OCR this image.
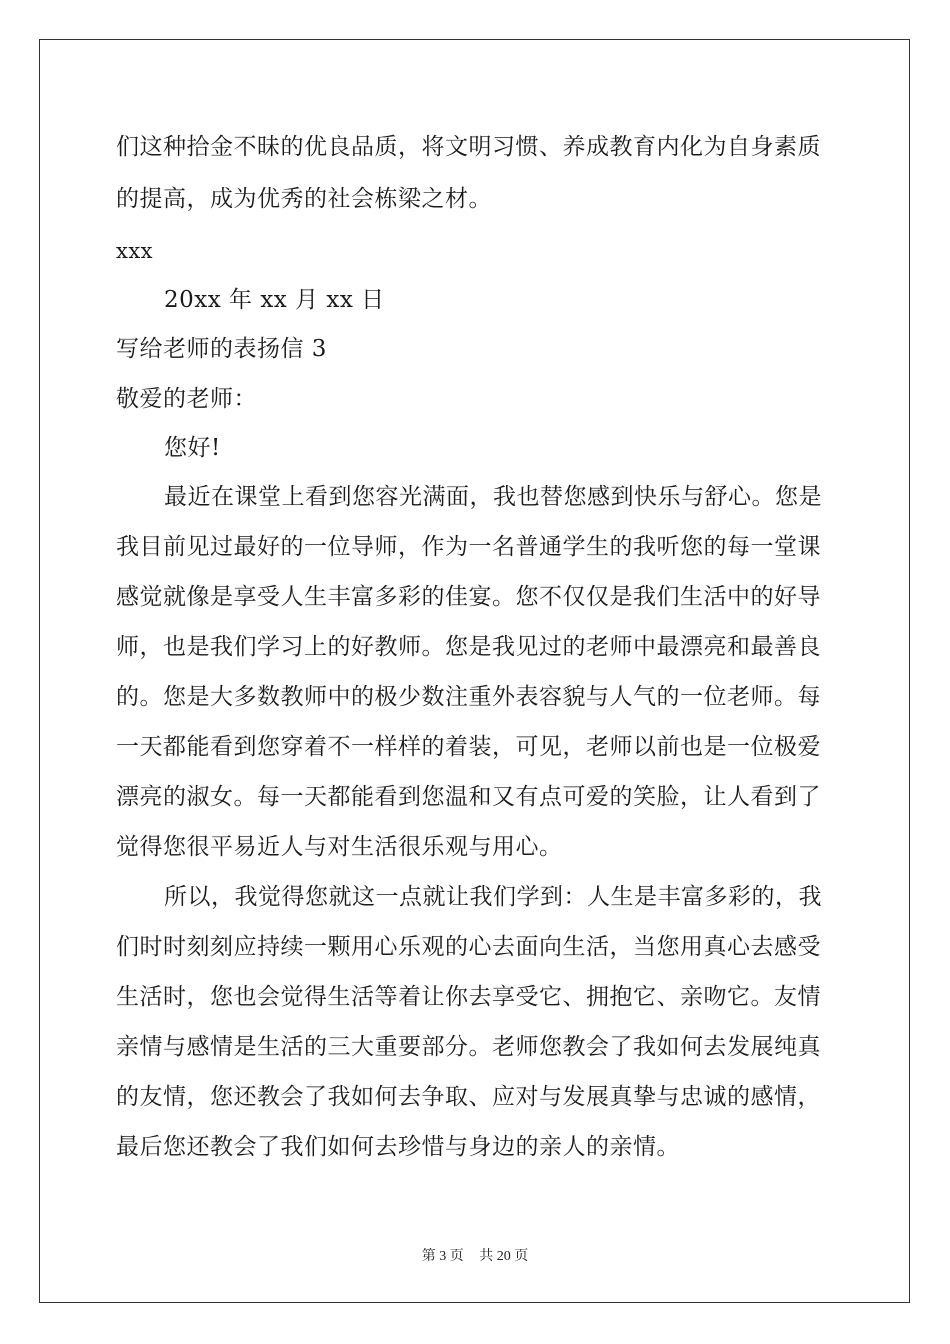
们这种拾金不昧的优良品质，将文明习惯、养成教育内化为自身素质
的提高，成为优秀的社会栋梁之材。
xxx
20xx 年 xx 月 xx 日
写给老师的表扬信 3
敬爱的老师：
您好!
最近在课堂上看到您容光满面，我也替您感到快乐与舒心。您是
我目前见过最好的一位导师，作为一名普通学生的我听您的每一堂课
感觉就像是享受人生丰富多彩的佳宴。您不仅仅是我们生活中的好导
师，也是我们学习上的好教师。您是我见过的老师中最漂亮和最善良
的。您是大多数教师中的极少数注重外表容貌与人气的一位老师。每
一天都能看到您穿着不一样样的着装，可见，老师以前也是一位极爱
漂亮的淑女。每一天都能看到您温和又有点可爱的笑脸，让人看到了
觉得您很平易近人与对生活很乐观与用心。
所以，我觉得您就这一点就让我们学到：人生是丰富多彩的，我
们时时刻刻应持续一颗用心乐观的心去面向生活，当您用真心去感受
生活时，您也会觉得生活等着让你去享受它、拥抱它、亲吻它。友情
亲情与感情是生活的三大重要部分。老师您教会了我如何去发展纯真
的友情，您还教会了我如何去争取、应对与发展真挚与忠诚的感情，
最后您还教会了我们如何去珍惜与身边的亲人的亲情。
第 3 页 共 20 页
